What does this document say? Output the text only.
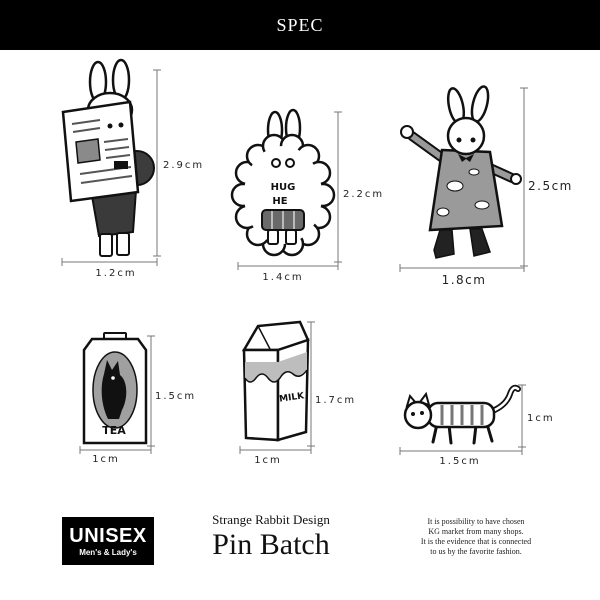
SPEC
2.9cm
1.2cm
HUG
HE
2.2cm
1.4cm
2.5cm
1.8cm
TEA
1.5cm
1cm
MILK 1.7cm
1cm
1cm
1.5cm
UNISEX
Men's & Lady's
Strange Rabbit Design
Pin Batch
It is possibility to have chosen
KG market from many shops.
It is the evidence that is connected
to us by the favorite fashion.
